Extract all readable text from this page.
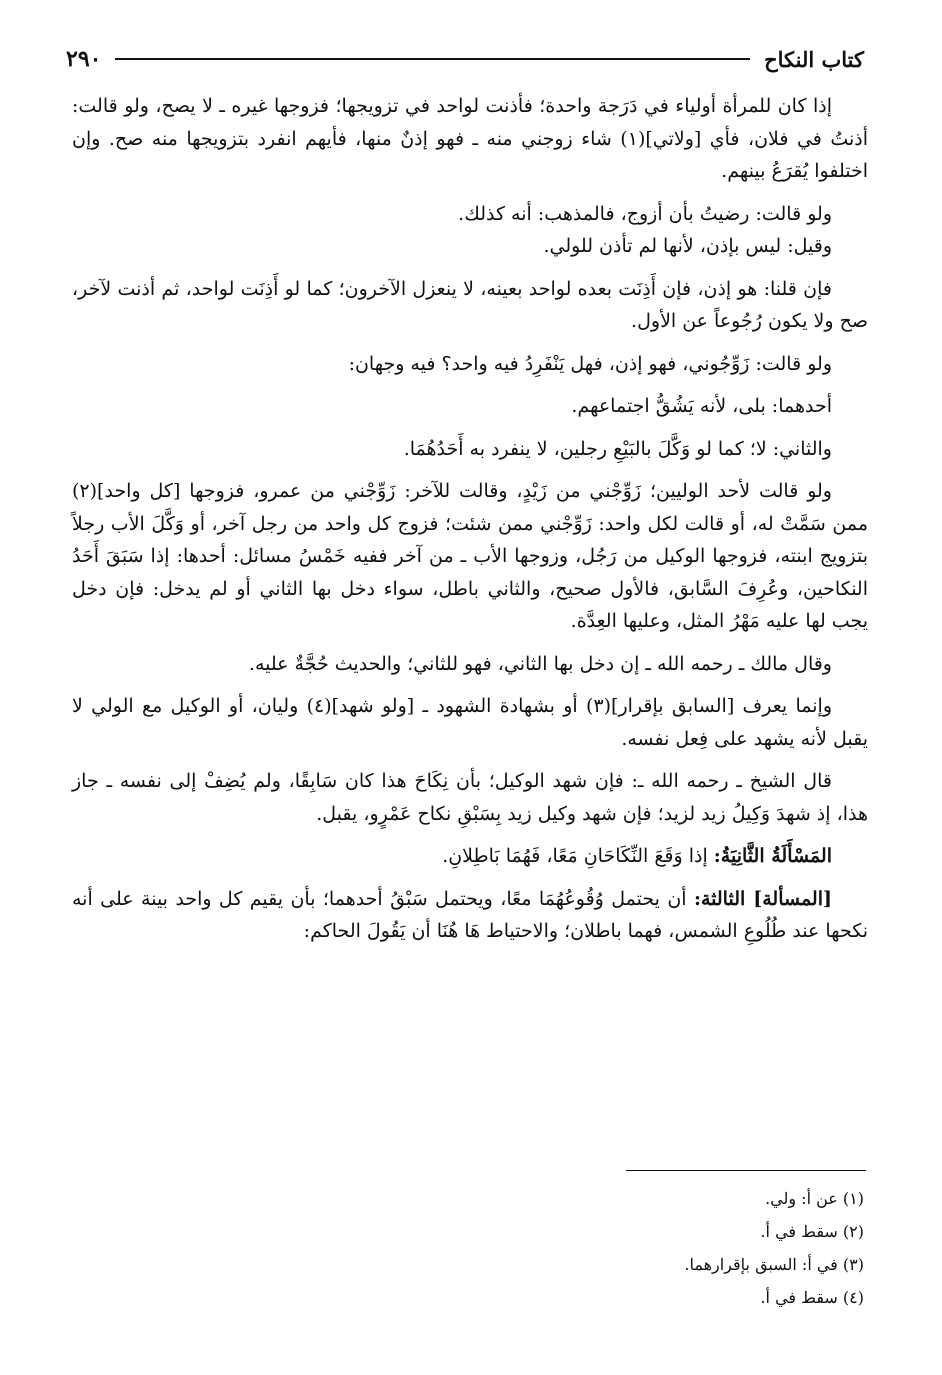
كتاب النكاح
٢٩٠

إذا كان للمرأة أولياء في دَرَجة واحدة؛ فأذنت لواحد في تزويجها؛ فزوجها غيره ـ لا يصح، ولو قالت: أذنتُ في فلان، فأي [ولاتي](١) شاء زوجني منه ـ فهو إذنٌ منها، فأيهم انفرد بتزويجها منه صح. وإن اختلفوا يُقرَعُ بينهم.

ولو قالت: رضيتُ بأن أزوج، فالمذهب: أنه كذلك.

وقيل: ليس بإذن، لأنها لم تأذن للولي.

فإن قلنا: هو إذن، فإن أَذِنَت بعده لواحد بعينه، لا ينعزل الآخرون؛ كما لو أَذِنَت لواحد، ثم أذنت لآخر، صح ولا يكون رُجُوعاً عن الأول.

ولو قالت: زَوِّجُوني، فهو إذن، فهل يَنْفَرِدُ فيه واحد؟ فيه وجهان:

أحدهما: بلى، لأنه يَشُقُّ اجتماعهم.

والثاني: لا؛ كما لو وَكَّلَ بالبَيْعِ رجلين، لا ينفرد به أَحَدُهُمَا.

ولو قالت لأحد الوليين؛ زَوِّجْني من زَيْدٍ، وقالت للآخر: زَوِّجْني من عمرو، فزوجها [كل واحد](٢) ممن سَمَّتْ له، أو قالت لكل واحد: زَوِّجْني ممن شئت؛ فزوج كل واحد من رجل آخر، أو وَكَّلَ الأب رجلاً بتزويج ابنته، فزوجها الوكيل من رَجُل، وزوجها الأب ـ من آخر ففيه خَمْسُ مسائل: أحدها: إذا سَبَقَ أَحَدُ النكاحين، وعُرِفَ السَّابق، فالأول صحيح، والثاني باطل، سواء دخل بها الثاني أو لم يدخل: فإن دخل يجب لها عليه مَهْرُ المثل، وعليها العِدَّة.

وقال مالك ـ رحمه الله ـ إن دخل بها الثاني، فهو للثاني؛ والحديث حُجَّةٌ عليه.

وإنما يعرف [السابق بإقرار](٣) أو بشهادة الشهود ـ [ولو شهد](٤) وليان، أو الوكيل مع الولي لا يقبل لأنه يشهد على فِعل نفسه.

قال الشيخ ـ رحمه الله ـ: فإن شهد الوكيل؛ بأن نِكَاحَ هذا كان سَابِقًا، ولم يُضِفْ إلى نفسه ـ جاز هذا، إذ شهدَ وَكِيلُ زيد لزيد؛ فإن شهد وكيل زيد بِسَبْقِ نكاح عَمْرٍو، يقبل.

المَسْأَلَةُ الثَّانِيَةُ: إذا وَقَعَ النِّكَاحَانِ مَعًا، فَهُمَا بَاطِلانِ.

[المسألة] الثالثة: أن يحتمل وُقُوعُهُمَا معًا، ويحتمل سَبْقُ أحدهما؛ بأن يقيم كل واحد بينة على أنه نكحها عند طُلُوعِ الشمس، فهما باطلان؛ والاحتياط هَا هُنَا أن يَقُولَ الحاكم:

(١) عن أ: ولي.

(٢) سقط في أ.

(٣) في أ: السبق بإقرارهما.

(٤) سقط في أ.
